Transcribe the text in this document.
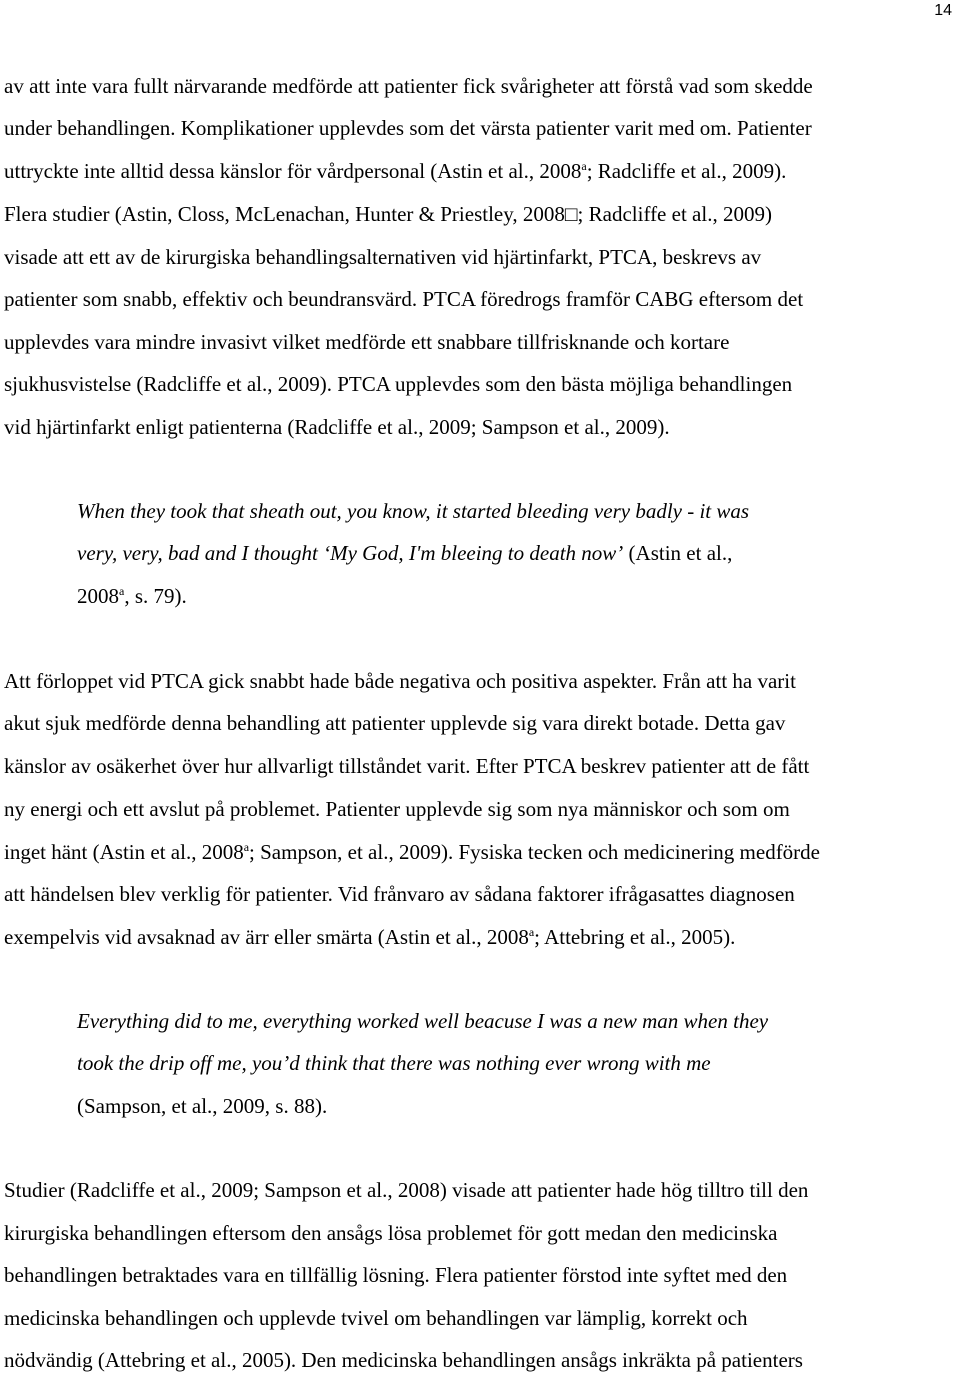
14
av att inte vara fullt närvarande medförde att patienter fick svårigheter att förstå vad som skedde
under behandlingen. Komplikationer upplevdes som det värsta patienter varit med om. Patienter
uttryckte inte alltid dessa känslor för vårdpersonal (Astin et al., 2008$^a$; Radcliffe et al., 2009).
Flera studier (Astin, Closs, McLenachan, Hunter & Priestley, 2008□; Radcliffe et al., 2009)
visade att ett av de kirurgiska behandlingsalternativen vid hjärtinfarkt, PTCA, beskrevs av
patienter som snabb, effektiv och beundransvärd. PTCA föredrogs framför CABG eftersom det
upplevdes vara mindre invasivt vilket medförde ett snabbare tillfrisknande och kortare
sjukhusvistelse (Radcliffe et al., 2009). PTCA upplevdes som den bästa möjliga behandlingen
vid hjärtinfarkt enligt patienterna (Radcliffe et al., 2009; Sampson et al., 2009).
When they took that sheath out, you know, it started bleeding very badly - it was
very, very, bad and I thought ‘My God, I'm bleeing to death now’ (Astin et al.,
2008$^a$, s. 79).
Att förloppet vid PTCA gick snabbt hade både negativa och positiva aspekter. Från att ha varit
akut sjuk medförde denna behandling att patienter upplevde sig vara direkt botade. Detta gav
känslor av osäkerhet över hur allvarligt tillståndet varit. Efter PTCA beskrev patienter att de fått
ny energi och ett avslut på problemet. Patienter upplevde sig som nya människor och som om
inget hänt (Astin et al., 2008$^a$; Sampson, et al., 2009). Fysiska tecken och medicinering medförde
att händelsen blev verklig för patienter. Vid frånvaro av sådana faktorer ifrågasattes diagnosen
exempelvis vid avsaknad av ärr eller smärta (Astin et al., 2008$^a$; Attebring et al., 2005).
Everything did to me, everything worked well beacuse I was a new man when they
took the drip off me, you’d think that there was nothing ever wrong with me
(Sampson, et al., 2009, s. 88).
Studier (Radcliffe et al., 2009; Sampson et al., 2008) visade att patienter hade hög tilltro till den
kirurgiska behandlingen eftersom den ansågs lösa problemet för gott medan den medicinska
behandlingen betraktades vara en tillfällig lösning. Flera patienter förstod inte syftet med den
medicinska behandlingen och upplevde tvivel om behandlingen var lämplig, korrekt och
nödvändig (Attebring et al., 2005). Den medicinska behandlingen ansågs inkräkta på patienters
